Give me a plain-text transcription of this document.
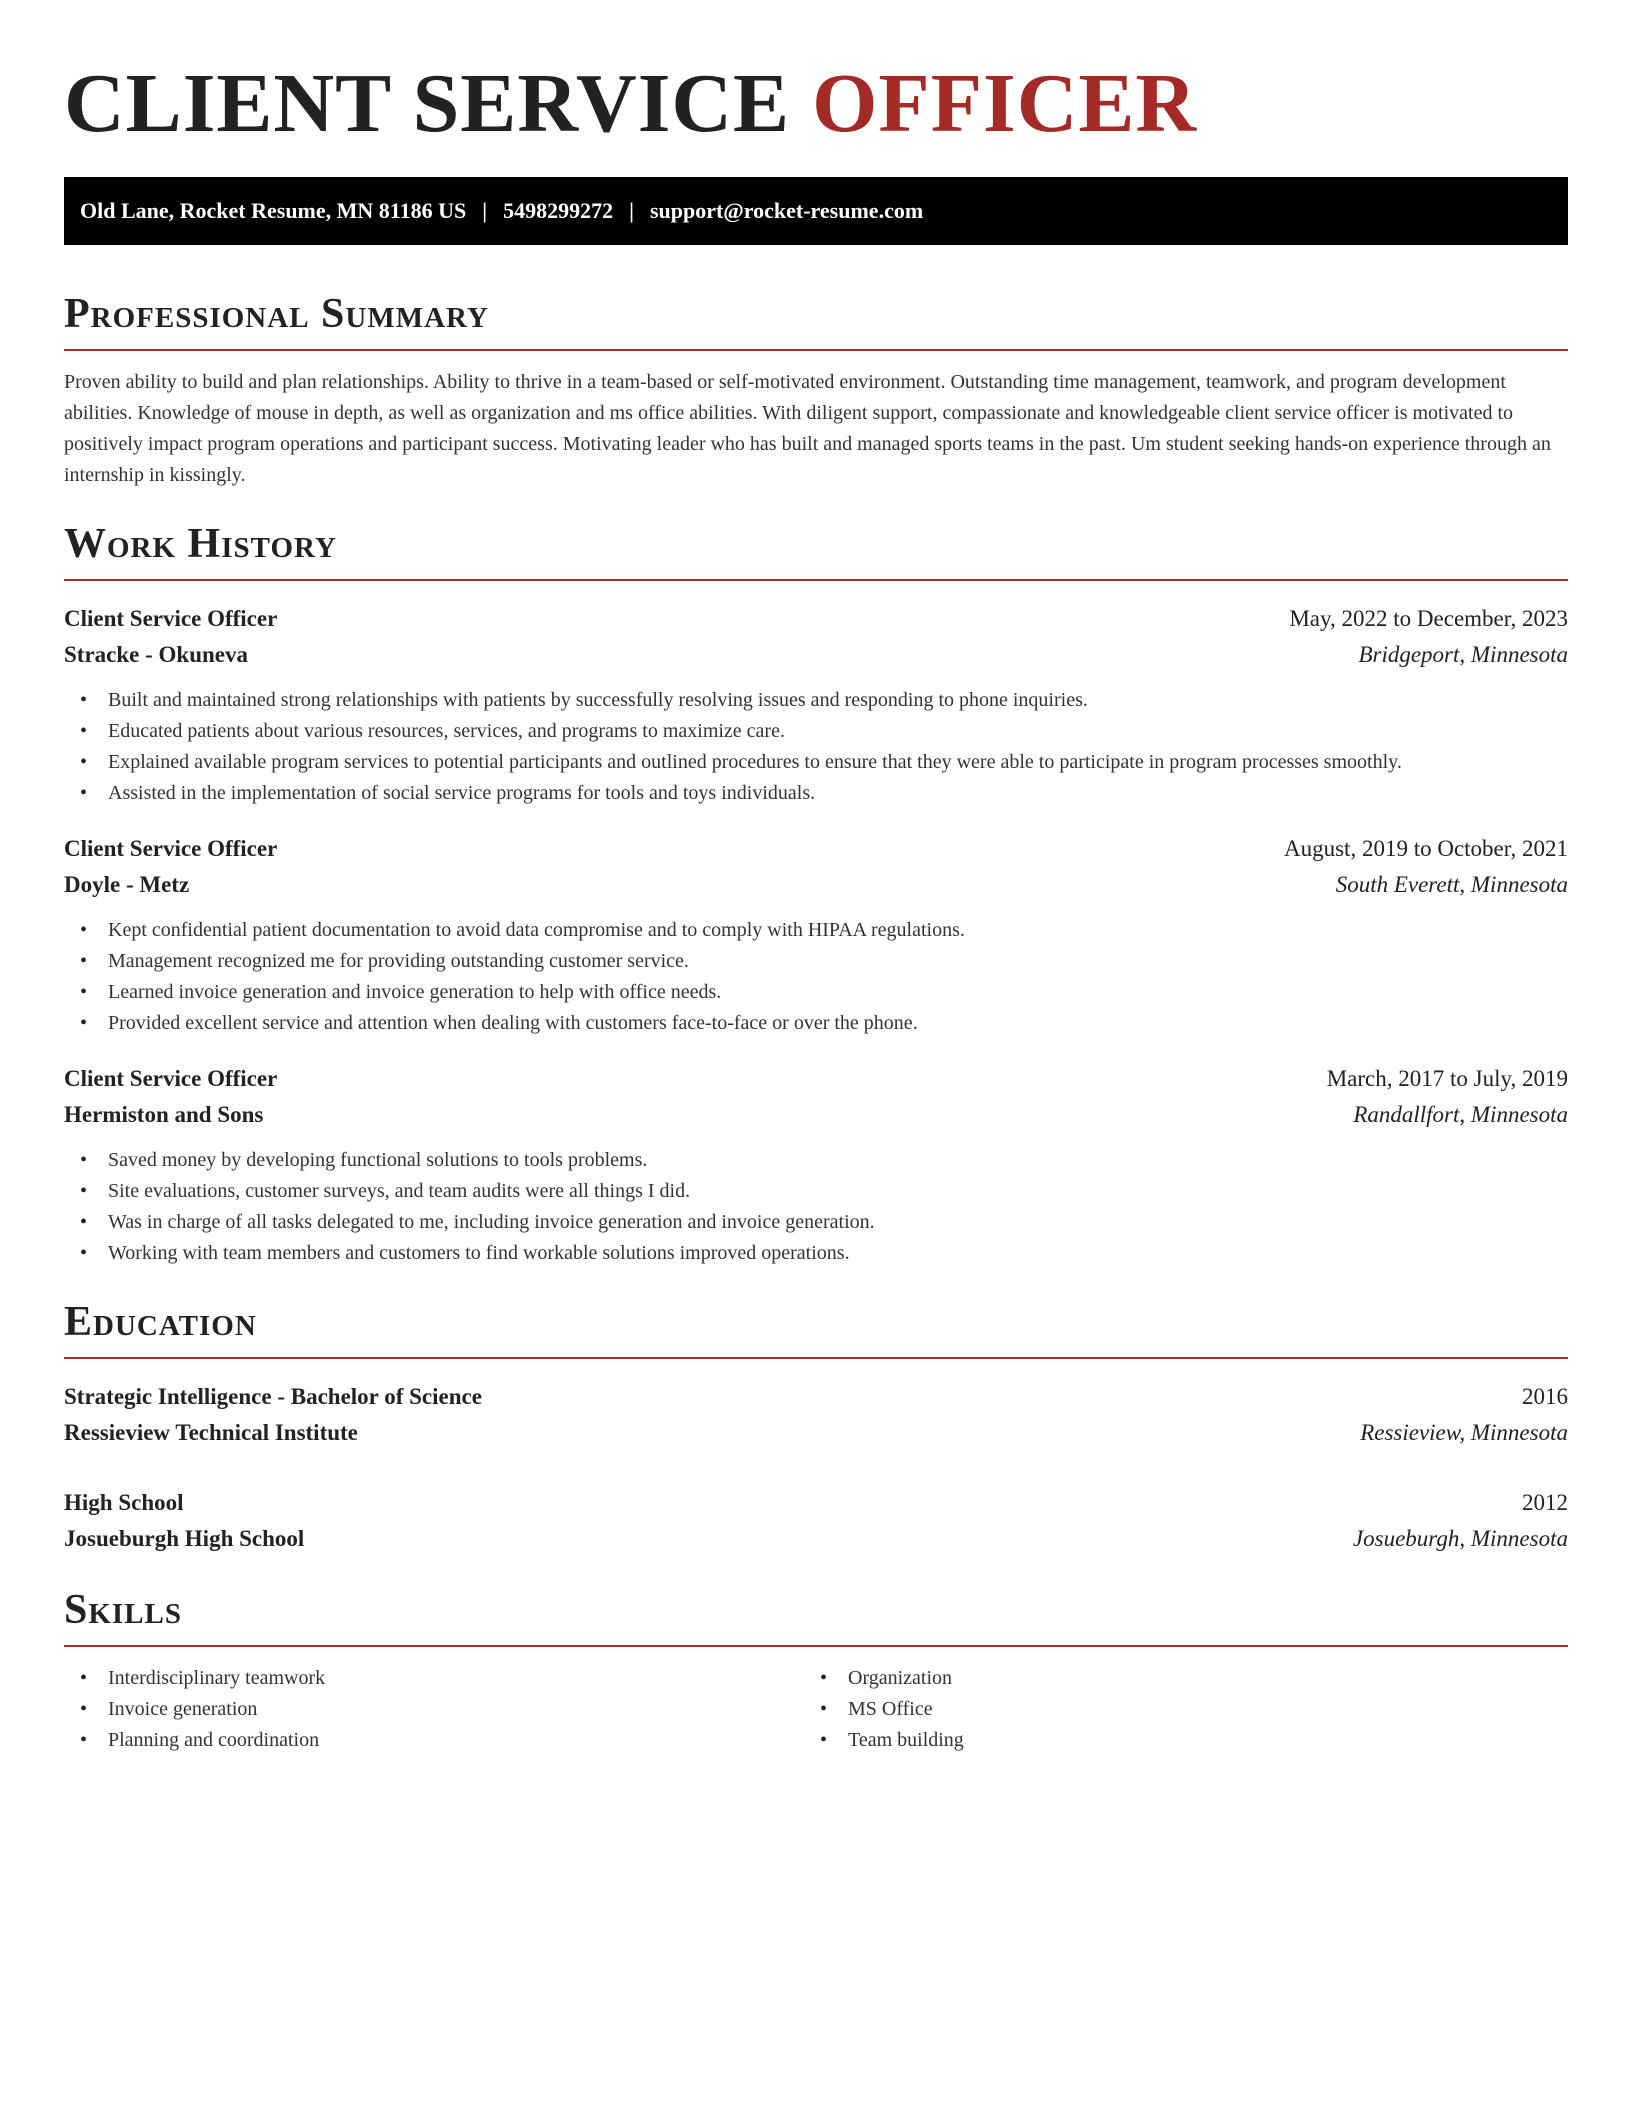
CLIENT SERVICE OFFICER
Old Lane, Rocket Resume, MN 81186 US | 5498299272 | support@rocket-resume.com
Professional Summary

Proven ability to build and plan relationships. Ability to thrive in a team-based or self-motivated environment. Outstanding time management, teamwork, and program development abilities. Knowledge of mouse in depth, as well as organization and ms office abilities. With diligent support, compassionate and knowledgeable client service officer is motivated to positively impact program operations and participant success. Motivating leader who has built and managed sports teams in the past. Um student seeking hands-on experience through an internship in kissingly.

Work History
Client Service Officer	May, 2022 to December, 2023
Stracke - Okuneva	Bridgeport, Minnesota
• Built and maintained strong relationships with patients by successfully resolving issues and responding to phone inquiries.
• Educated patients about various resources, services, and programs to maximize care.
• Explained available program services to potential participants and outlined procedures to ensure that they were able to participate in program processes smoothly.
• Assisted in the implementation of social service programs for tools and toys individuals.
Client Service Officer	August, 2019 to October, 2021
Doyle - Metz	South Everett, Minnesota
• Kept confidential patient documentation to avoid data compromise and to comply with HIPAA regulations.
• Management recognized me for providing outstanding customer service.
• Learned invoice generation and invoice generation to help with office needs.
• Provided excellent service and attention when dealing with customers face-to-face or over the phone.
Client Service Officer	March, 2017 to July, 2019
Hermiston and Sons	Randallfort, Minnesota
• Saved money by developing functional solutions to tools problems.
• Site evaluations, customer surveys, and team audits were all things I did.
• Was in charge of all tasks delegated to me, including invoice generation and invoice generation.
• Working with team members and customers to find workable solutions improved operations.
Education
Strategic Intelligence - Bachelor of Science	2016
Ressieview Technical Institute	Ressieview, Minnesota
High School	2012
Josueburgh High School	Josueburgh, Minnesota
Skills
• Interdisciplinary teamwork
• Invoice generation
• Planning and coordination
• Organization
• MS Office
• Team building
